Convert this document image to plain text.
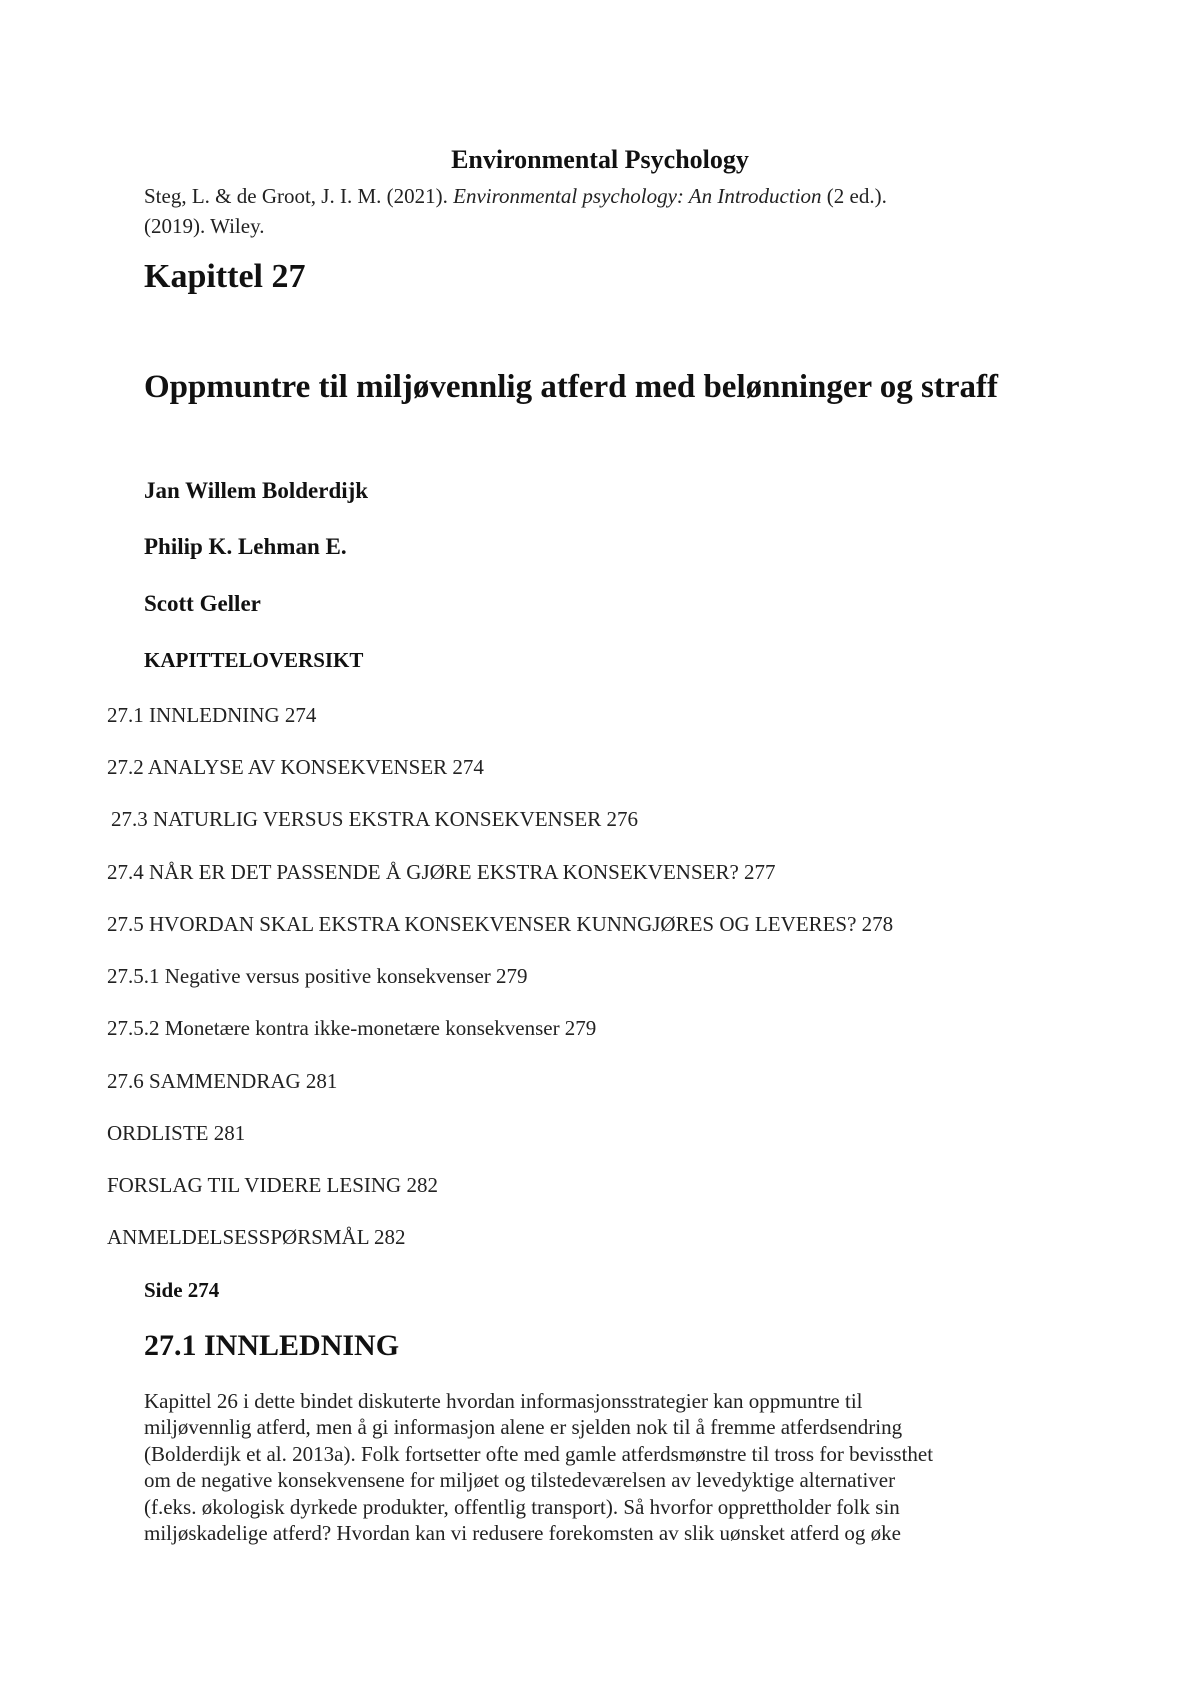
Environmental Psychology
Steg, L. & de Groot, J. I. M. (2021). Environmental psychology: An Introduction (2 ed.).
(2019). Wiley.
Kapittel 27
Oppmuntre til miljøvennlig atferd med belønninger og straff
Jan Willem Bolderdijk
Philip K. Lehman E.
Scott Geller
KAPITTELOVERSIKT
27.1 INNLEDNING 274
27.2 ANALYSE AV KONSEKVENSER 274
27.3 NATURLIG VERSUS EKSTRA KONSEKVENSER 276
27.4 NÅR ER DET PASSENDE Å GJØRE EKSTRA KONSEKVENSER? 277
27.5 HVORDAN SKAL EKSTRA KONSEKVENSER KUNNGJØRES OG LEVERES? 278
27.5.1 Negative versus positive konsekvenser 279
27.5.2 Monetære kontra ikke-monetære konsekvenser 279
27.6 SAMMENDRAG 281
ORDLISTE 281
FORSLAG TIL VIDERE LESING 282
ANMELDELSESSPØRSMÅL 282
Side 274
27.1 INNLEDNING
Kapittel 26 i dette bindet diskuterte hvordan informasjonsstrategier kan oppmuntre til
miljøvennlig atferd, men å gi informasjon alene er sjelden nok til å fremme atferdsendring
(Bolderdijk et al. 2013a). Folk fortsetter ofte med gamle atferdsmønstre til tross for bevissthet
om de negative konsekvensene for miljøet og tilstedeværelsen av levedyktige alternativer
(f.eks. økologisk dyrkede produkter, offentlig transport). Så hvorfor opprettholder folk sin
miljøskadelige atferd? Hvordan kan vi redusere forekomsten av slik uønsket atferd og øke
